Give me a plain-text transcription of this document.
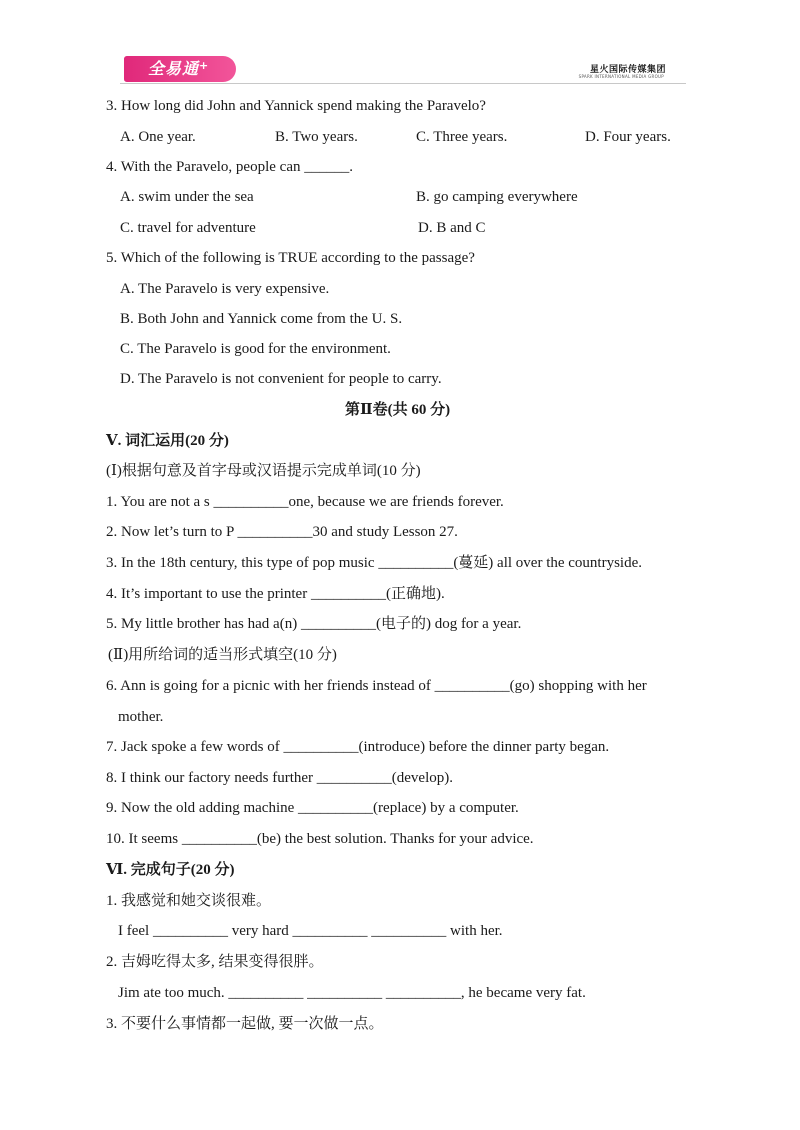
全易通+	星火国际传媒集团
SPARK INTERNATIONAL MEDIA GROUP
3. How long did John and Yannick spend making the Paravelo?
A. One year.	B. Two years.	C. Three years.	D. Four years.
4. With the Paravelo, people can ______.
A. swim under the sea	B. go camping everywhere
C. travel for adventure	D. B and C
5. Which of the following is TRUE according to the passage?
A. The Paravelo is very expensive.
B. Both John and Yannick come from the U. S.
C. The Paravelo is good for the environment.
D. The Paravelo is not convenient for people to carry.
第Ⅱ卷(共 60 分)
Ⅴ. 词汇运用(20 分)
(Ⅰ)根据句意及首字母或汉语提示完成单词(10 分)
1. You are not a s __________one, because we are friends forever.
2. Now let’s turn to P __________30 and study Lesson 27.
3. In the 18th century, this type of pop music __________(蔓延) all over the countryside.
4. It’s important to use the printer __________(正确地).
5. My little brother has had a(n) __________(电子的) dog for a year.
(Ⅱ)用所给词的适当形式填空(10 分)
6. Ann is going for a picnic with her friends instead of __________(go) shopping with her
mother.
7. Jack spoke a few words of __________(introduce) before the dinner party began.
8. I think our factory needs further __________(develop).
9. Now the old adding machine __________(replace) by a computer.
10. It seems __________(be) the best solution. Thanks for your advice.
Ⅵ. 完成句子(20 分)
1. 我感觉和她交谈很难。
I feel __________ very hard __________ __________ with her.
2. 吉姆吃得太多, 结果变得很胖。
Jim ate too much. __________ __________ __________, he became very fat.
3. 不要什么事情都一起做, 要一次做一点。
